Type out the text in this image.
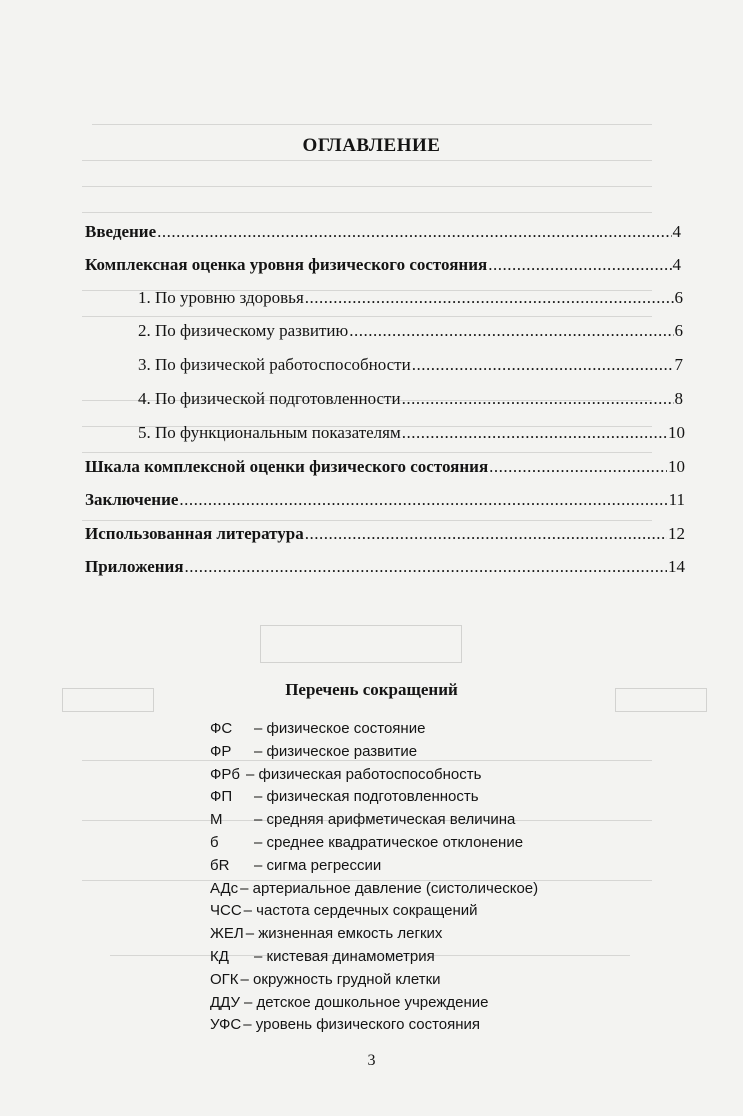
ОГЛАВЛЕНИЕ
Введение .....	4
Комплексная оценка уровня физического состояния .....	4
1. По уровню здоровья .....	6
2. По физическому развитию .....	6
3. По физической работоспособности .....	7
4. По физической подготовленности .....	8
5. По функциональным показателям .....	10
Шкала комплексной оценки физического состояния .....	10
Заключение .....	11
Использованная литература .....	12
Приложения .....	14
Перечень сокращений
ФС	– физическое состояние
ФР	– физическое развитие
ФРб – физическая работоспособность
ФП	– физическая подготовленность
М	– средняя арифметическая величина
б	– среднее квадратическое отклонение
бR	– сигма регрессии
АДс – артериальное давление (систолическое)
ЧСС – частота сердечных сокращений
ЖЕЛ – жизненная емкость легких
КД	– кистевая динамометрия
ОГК – окружность грудной клетки
ДДУ – детское дошкольное учреждение
УФС – уровень физического состояния
3
